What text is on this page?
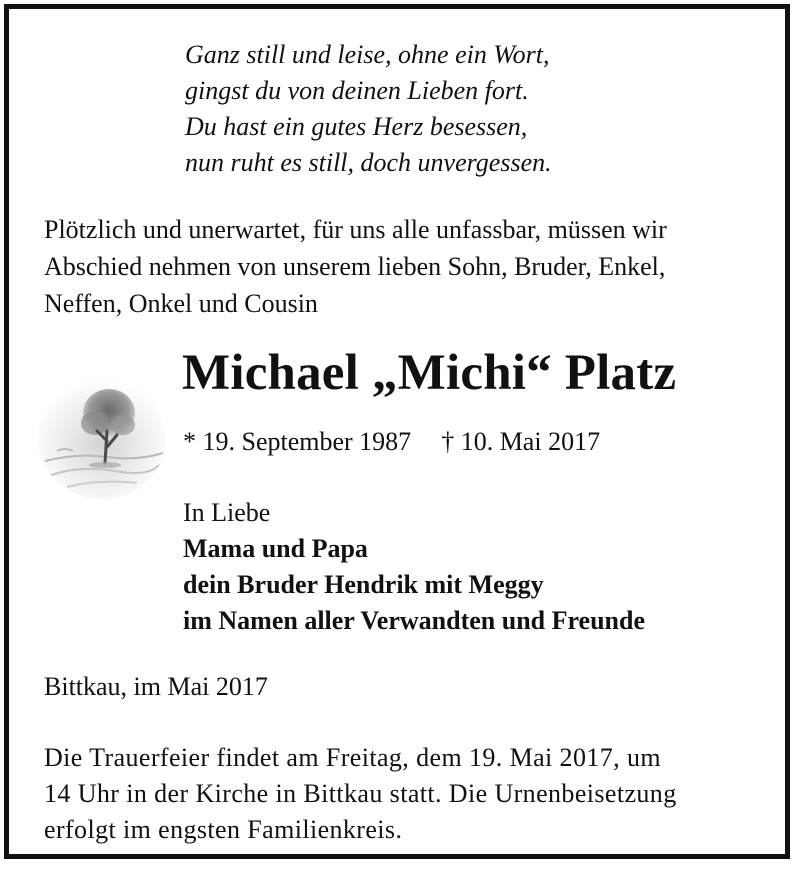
Ganz still und leise, ohne ein Wort,
gingst du von deinen Lieben fort.
Du hast ein gutes Herz besessen,
nun ruht es still, doch unvergessen.
Plötzlich und unerwartet, für uns alle unfassbar, müssen wir
Abschied nehmen von unserem lieben Sohn, Bruder, Enkel,
Neffen, Onkel und Cousin
Michael „Michi“ Platz
* 19. September 1987 † 10. Mai 2017
In Liebe
Mama und Papa
dein Bruder Hendrik mit Meggy
im Namen aller Verwandten und Freunde
Bittkau, im Mai 2017
Die Trauerfeier findet am Freitag, dem 19. Mai 2017, um
14 Uhr in der Kirche in Bittkau statt. Die Urnenbeisetzung
erfolgt im engsten Familienkreis.
